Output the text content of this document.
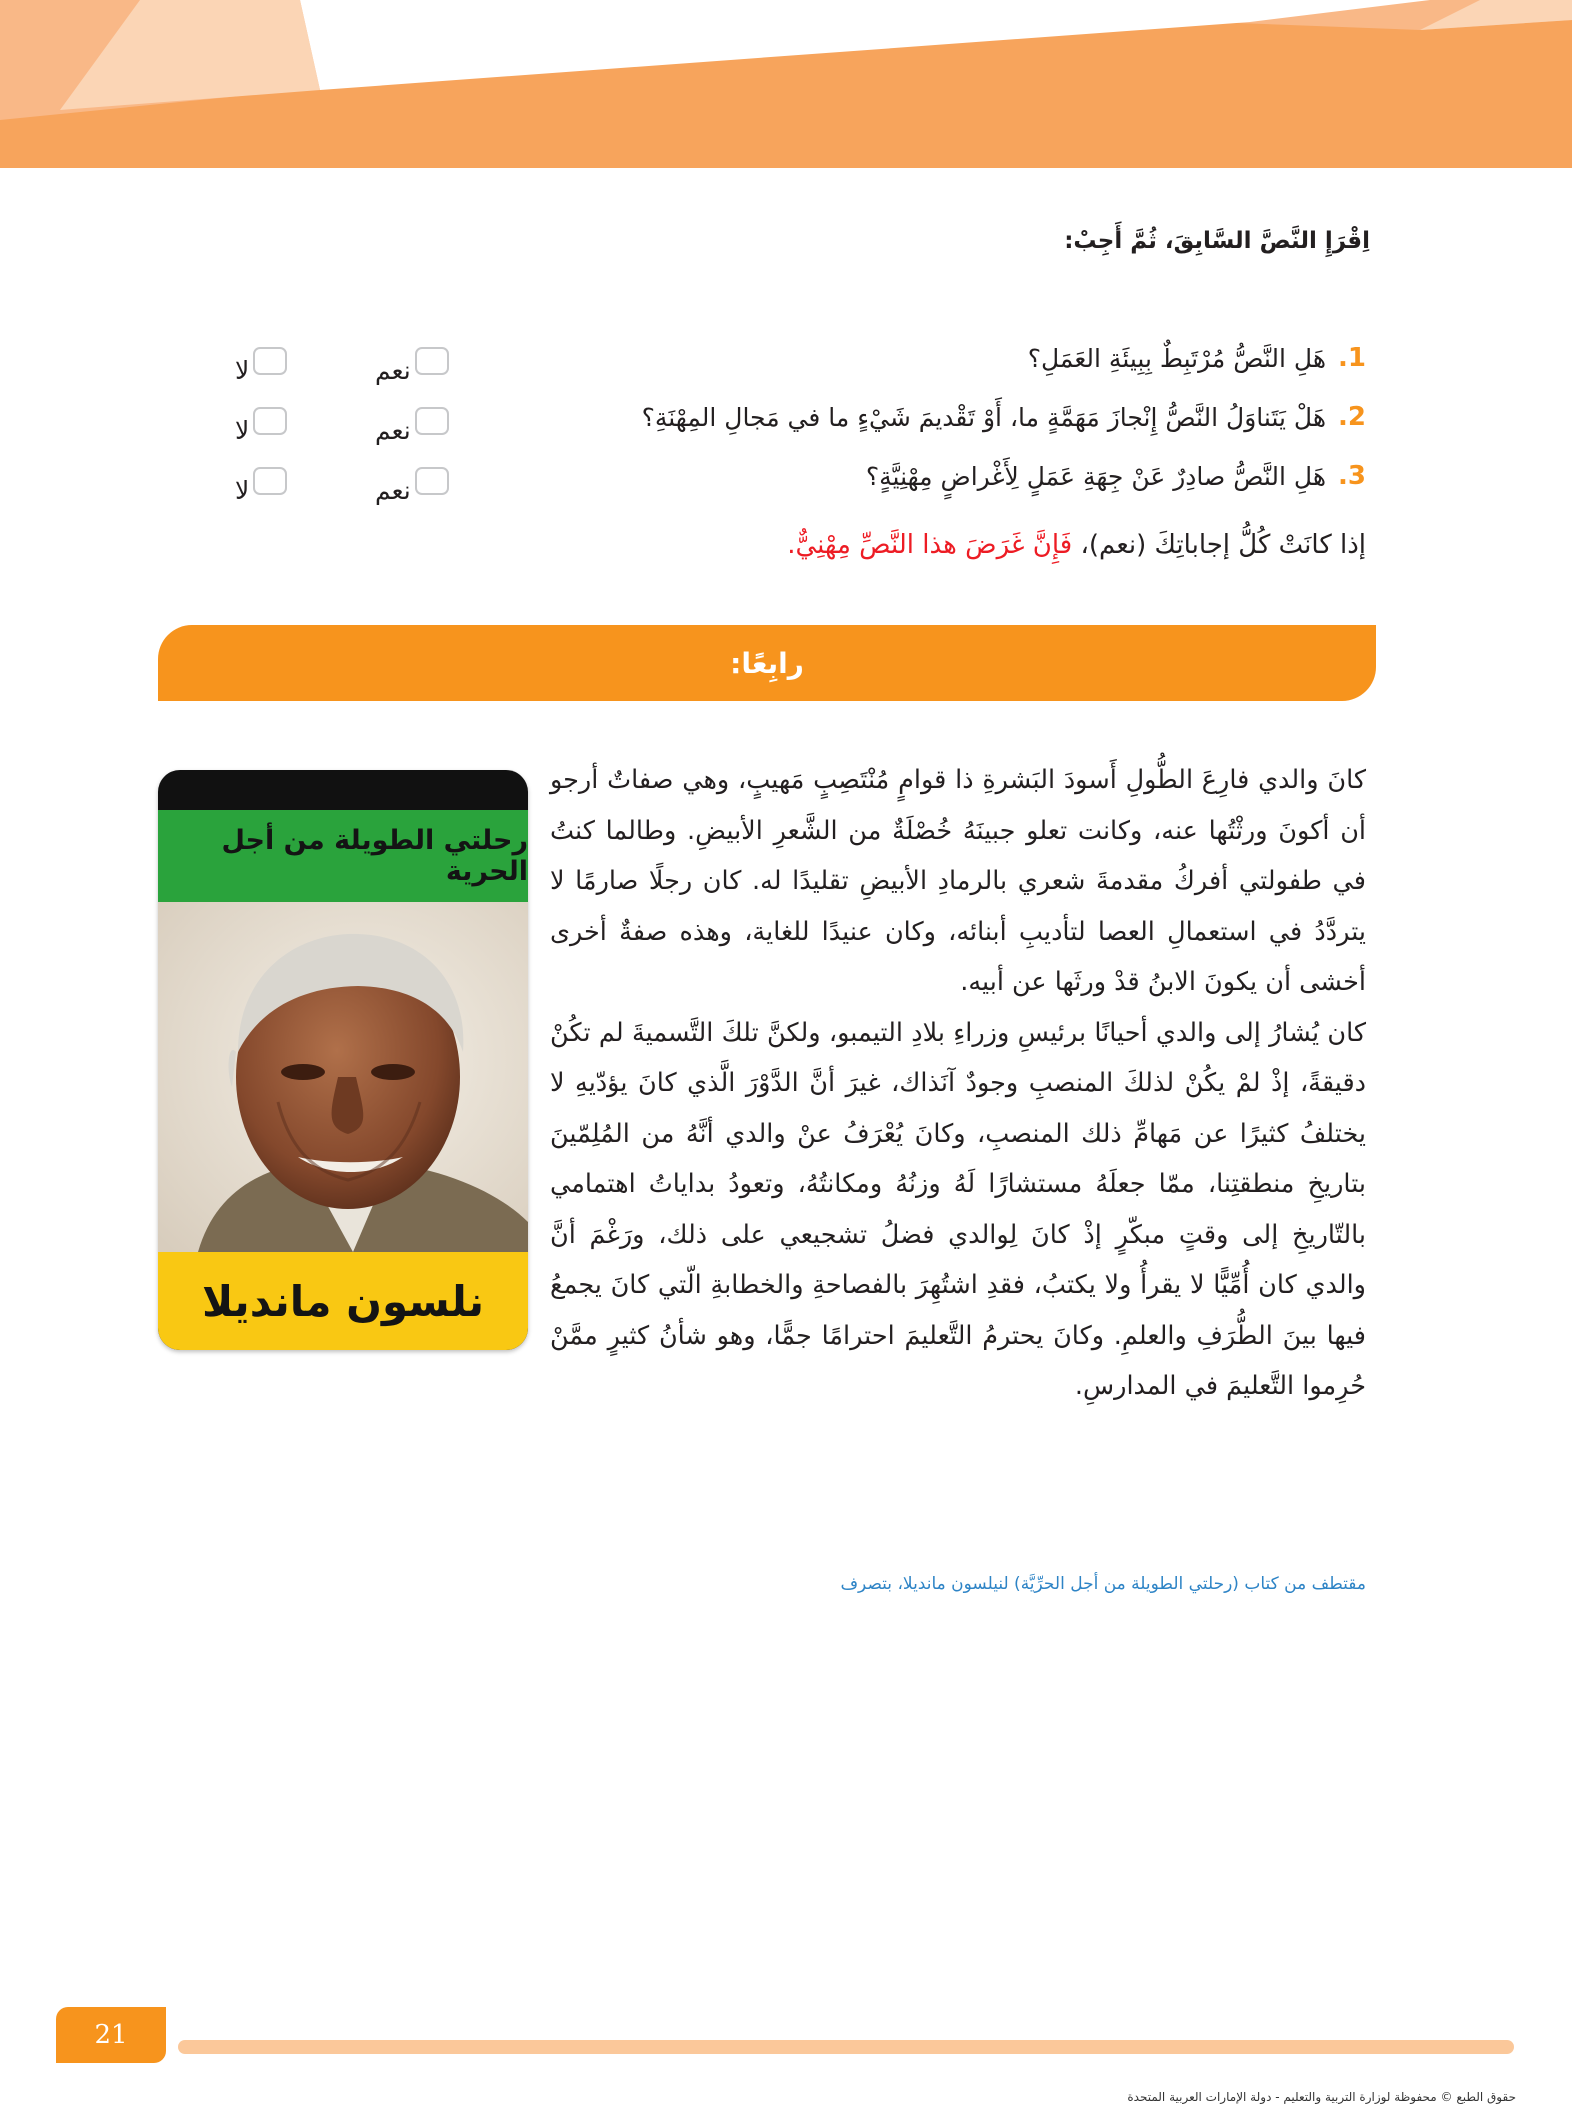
اِقْرَإِ النَّصَّ السَّابِقَ، ثُمَّ أَجِبْ:

1.
هَلِ النَّصُّ مُرْتَبِطٌ بِبِيئَةِ العَمَلِ؟
2.
هَلْ يَتَناوَلُ النَّصُّ إِنْجازَ مَهَمَّةٍ ما، أَوْ تَقْديمَ شَيْءٍ ما في مَجالِ المِهْنَةِ؟
3.
هَلِ النَّصُّ صادِرٌ عَنْ جِهَةِ عَمَلٍ لِأَغْراضٍ مِهْنِيَّةٍ؟
نعم
لا
نعم
لا
نعم
لا

إذا كانَتْ كُلُّ إجاباتِكَ (نعم)، فَإِنَّ غَرَضَ هذا النَّصِّ مِهْنِيٌّ.

رابِعًا:
رحلتي الطويلة من أجل الحرية
نلسون مانديلا

كانَ والدي فارِعَ الطُّولِ أَسودَ البَشرةِ ذا قوامٍ مُنْتَصِبٍ مَهيبٍ، وهي صفاتٌ أرجو أن أكونَ ورثْتُها عنه، وكانت تعلو جبينَهُ خُصْلَةٌ من الشَّعرِ الأبيضِ. وطالما كنتُ في طفولتي أفركُ مقدمةَ شعري بالرمادِ الأبيضِ تقليدًا له. كان رجلًا صارمًا لا يتردَّدُ في استعمالِ العصا لتأديبِ أبنائه، وكان عنيدًا للغاية، وهذه صفةٌ أخرى أخشى أن يكونَ الابنُ قدْ ورثَها عن أبيه.

كان يُشارُ إلى والدي أحيانًا برئيسِ وزراءِ بلادِ التيمبو، ولكنَّ تلكَ التَّسميةَ لم تكُنْ دقيقةً، إذْ لمْ يكُنْ لذلكَ المنصبِ وجودٌ آنَذاك، غيرَ أنَّ الدَّوْرَ الَّذي كانَ يؤدّيهِ لا يختلفُ كثيرًا عن مَهامِّ ذلك المنصبِ، وكانَ يُعْرَفُ عنْ والدي أنَّهُ من المُلِمّينَ بتاريخِ منطقتِنا، ممّا جعلَهُ مستشارًا لَهُ وزنُهُ ومكانتُهُ، وتعودُ بداياتُ اهتمامي بالتّاريخِ إلى وقتٍ مبكّرٍ إذْ كانَ لِوالدي فضلُ تشجيعي على ذلك، ورَغْمَ أنَّ والدي كان أُمِّيًّا لا يقرأُ ولا يكتبُ، فقدِ اشتُهِرَ بالفصاحةِ والخطابةِ الّتي كانَ يجمعُ فيها بينَ الطُّرَفِ والعلمِ. وكانَ يحترمُ التَّعليمَ احترامًا جمًّا، وهو شأنُ كثيرٍ ممَّنْ حُرِموا التَّعليمَ في المدارسِ.

مقتطف من كتاب (رحلتي الطويلة من أجل الحرِّيَّة) لنيلسون مانديلا، بتصرف

21

حقوق الطبع © محفوظة لوزارة التربية والتعليم - دولة الإمارات العربية المتحدة
